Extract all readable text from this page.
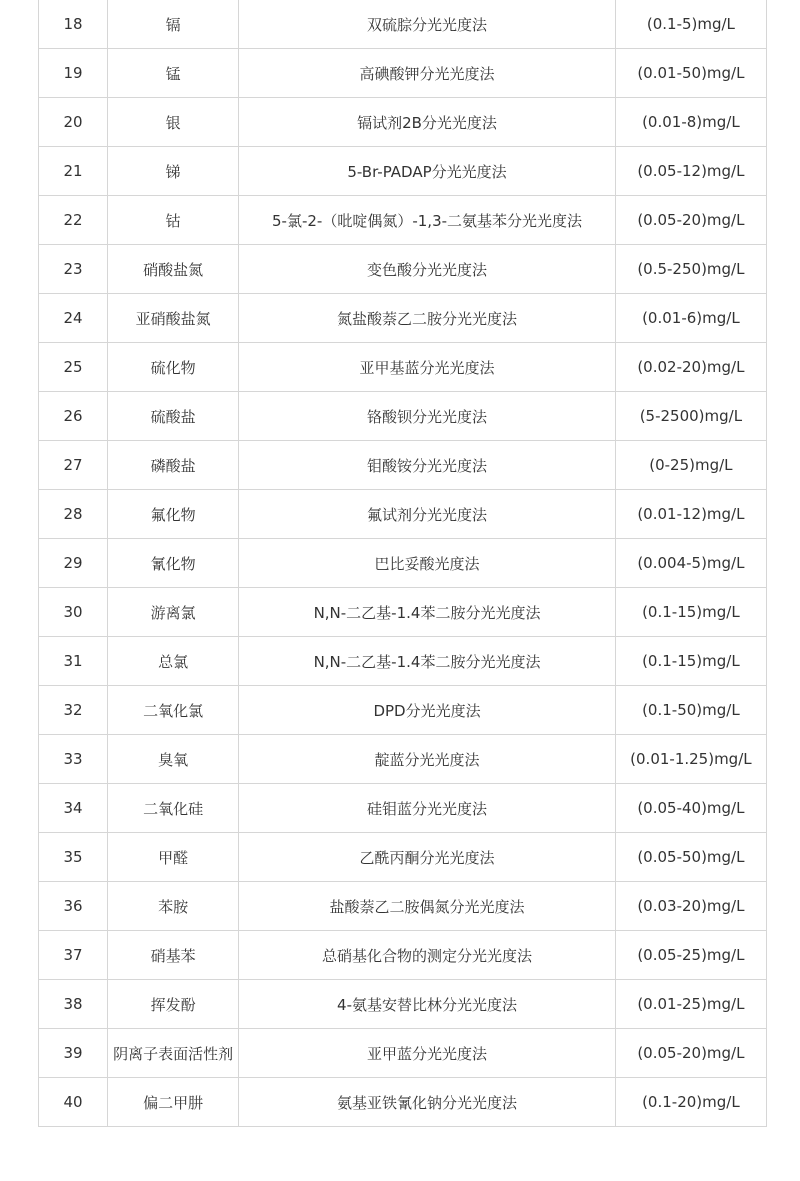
18	镉	双硫腙分光光度法	(0.1-5)mg/L
19	锰	高碘酸钾分光光度法	(0.01-50)mg/L
20	银	镉试剂2B分光光度法	(0.01-8)mg/L
21	锑	5-Br-PADAP分光光度法	(0.05-12)mg/L
22	钴	5-氯-2-（吡啶偶氮）-1,3-二氨基苯分光光度法	(0.05-20)mg/L
23	硝酸盐氮	变色酸分光光度法	(0.5-250)mg/L
24	亚硝酸盐氮	氮盐酸萘乙二胺分光光度法	(0.01-6)mg/L
25	硫化物	亚甲基蓝分光光度法	(0.02-20)mg/L
26	硫酸盐	铬酸钡分光光度法	(5-2500)mg/L
27	磷酸盐	钼酸铵分光光度法	(0-25)mg/L
28	氟化物	氟试剂分光光度法	(0.01-12)mg/L
29	氰化物	巴比妥酸光度法	(0.004-5)mg/L
30	游离氯	N,N-二乙基-1.4苯二胺分光光度法	(0.1-15)mg/L
31	总氯	N,N-二乙基-1.4苯二胺分光光度法	(0.1-15)mg/L
32	二氧化氯	DPD分光光度法	(0.1-50)mg/L
33	臭氧	靛蓝分光光度法	(0.01-1.25)mg/L
34	二氧化硅	硅钼蓝分光光度法	(0.05-40)mg/L
35	甲醛	乙酰丙酮分光光度法	(0.05-50)mg/L
36	苯胺	盐酸萘乙二胺偶氮分光光度法	(0.03-20)mg/L
37	硝基苯	总硝基化合物的测定分光光度法	(0.05-25)mg/L
38	挥发酚	4-氨基安替比林分光光度法	(0.01-25)mg/L
39	阴离子表面活性剂	亚甲蓝分光光度法	(0.05-20)mg/L
40	偏二甲肼	氨基亚铁氰化钠分光光度法	(0.1-20)mg/L
